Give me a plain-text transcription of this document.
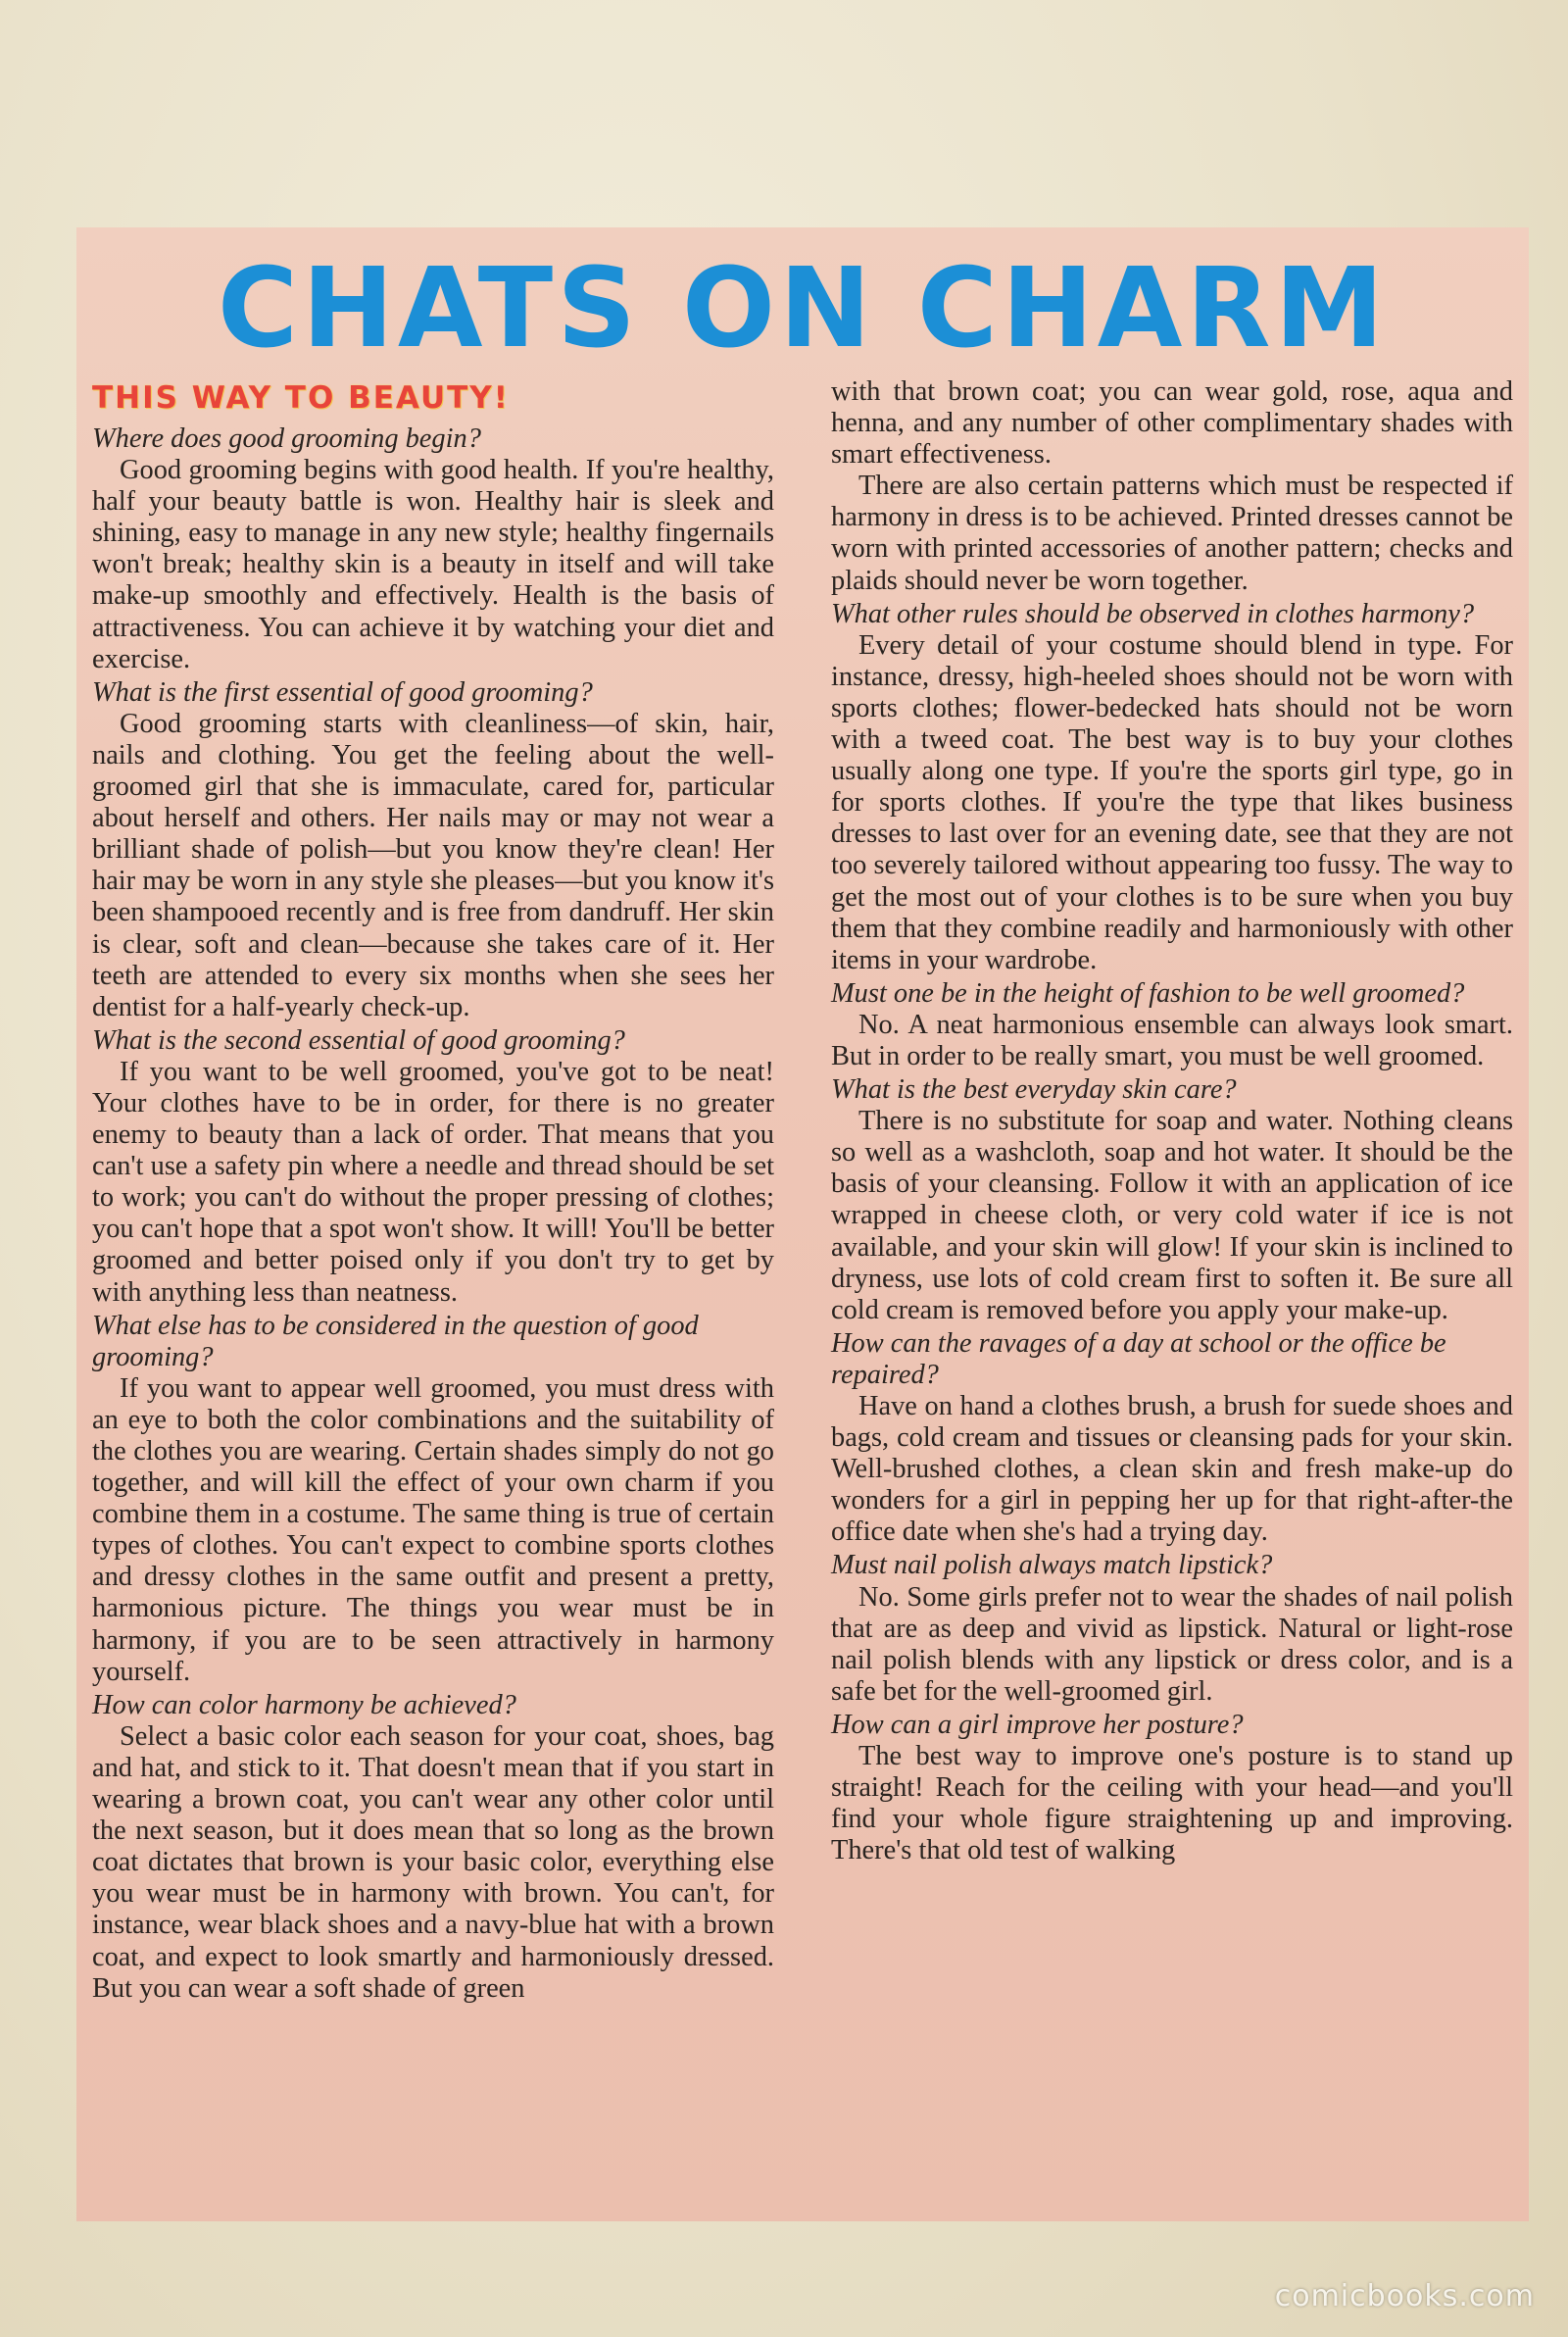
CHATS ON CHARM
THIS WAY TO BEAUTY!

Where does good grooming begin?

Good grooming begins with good health. If you're healthy, half your beauty battle is won. Healthy hair is sleek and shining, easy to manage in any new style; healthy fingernails won't break; healthy skin is a beauty in itself and will take make-up smoothly and effectively. Health is the basis of attractiveness. You can achieve it by watching your diet and exercise.

What is the first essential of good grooming?

Good grooming starts with cleanliness—of skin, hair, nails and clothing. You get the feeling about the well-groomed girl that she is immaculate, cared for, particular about herself and others. Her nails may or may not wear a brilliant shade of polish—but you know they're clean! Her hair may be worn in any style she pleases—but you know it's been shampooed recently and is free from dandruff. Her skin is clear, soft and clean—because she takes care of it. Her teeth are attended to every six months when she sees her dentist for a half-yearly check-up.

What is the second essential of good grooming?

If you want to be well groomed, you've got to be neat! Your clothes have to be in order, for there is no greater enemy to beauty than a lack of order. That means that you can't use a safety pin where a needle and thread should be set to work; you can't do without the proper pressing of clothes; you can't hope that a spot won't show. It will! You'll be better groomed and better poised only if you don't try to get by with anything less than neatness.

What else has to be considered in the question of good grooming?

If you want to appear well groomed, you must dress with an eye to both the color combinations and the suitability of the clothes you are wearing. Certain shades simply do not go together, and will kill the effect of your own charm if you combine them in a costume. The same thing is true of certain types of clothes. You can't expect to combine sports clothes and dressy clothes in the same outfit and present a pretty, harmonious picture. The things you wear must be in harmony, if you are to be seen attractively in harmony yourself.

How can color harmony be achieved?

Select a basic color each season for your coat, shoes, bag and hat, and stick to it. That doesn't mean that if you start in wearing a brown coat, you can't wear any other color until the next season, but it does mean that so long as the brown coat dictates that brown is your basic color, everything else you wear must be in harmony with brown. You can't, for instance, wear black shoes and a navy-blue hat with a brown coat, and expect to look smartly and harmoniously dressed. But you can wear a soft shade of green

with that brown coat; you can wear gold, rose, aqua and henna, and any number of other complimentary shades with smart effectiveness.

There are also certain patterns which must be respected if harmony in dress is to be achieved. Printed dresses cannot be worn with printed accessories of another pattern; checks and plaids should never be worn together.

What other rules should be observed in clothes harmony?

Every detail of your costume should blend in type. For instance, dressy, high-heeled shoes should not be worn with sports clothes; flower-bedecked hats should not be worn with a tweed coat. The best way is to buy your clothes usually along one type. If you're the sports girl type, go in for sports clothes. If you're the type that likes business dresses to last over for an evening date, see that they are not too severely tailored without appearing too fussy. The way to get the most out of your clothes is to be sure when you buy them that they combine readily and harmoniously with other items in your wardrobe.

Must one be in the height of fashion to be well groomed?

No. A neat harmonious ensemble can always look smart. But in order to be really smart, you must be well groomed.

What is the best everyday skin care?

There is no substitute for soap and water. Nothing cleans so well as a washcloth, soap and hot water. It should be the basis of your cleansing. Follow it with an application of ice wrapped in cheese cloth, or very cold water if ice is not available, and your skin will glow! If your skin is inclined to dryness, use lots of cold cream first to soften it. Be sure all cold cream is removed before you apply your make-up.

How can the ravages of a day at school or the office be repaired?

Have on hand a clothes brush, a brush for suede shoes and bags, cold cream and tissues or cleansing pads for your skin. Well-brushed clothes, a clean skin and fresh make-up do wonders for a girl in pepping her up for that right-after-the office date when she's had a trying day.

Must nail polish always match lipstick?

No. Some girls prefer not to wear the shades of nail polish that are as deep and vivid as lipstick. Natural or light-rose nail polish blends with any lipstick or dress color, and is a safe bet for the well-groomed girl.

How can a girl improve her posture?

The best way to improve one's posture is to stand up straight! Reach for the ceiling with your head—and you'll find your whole figure straightening up and improving. There's that old test of walking

comicbooks.com
